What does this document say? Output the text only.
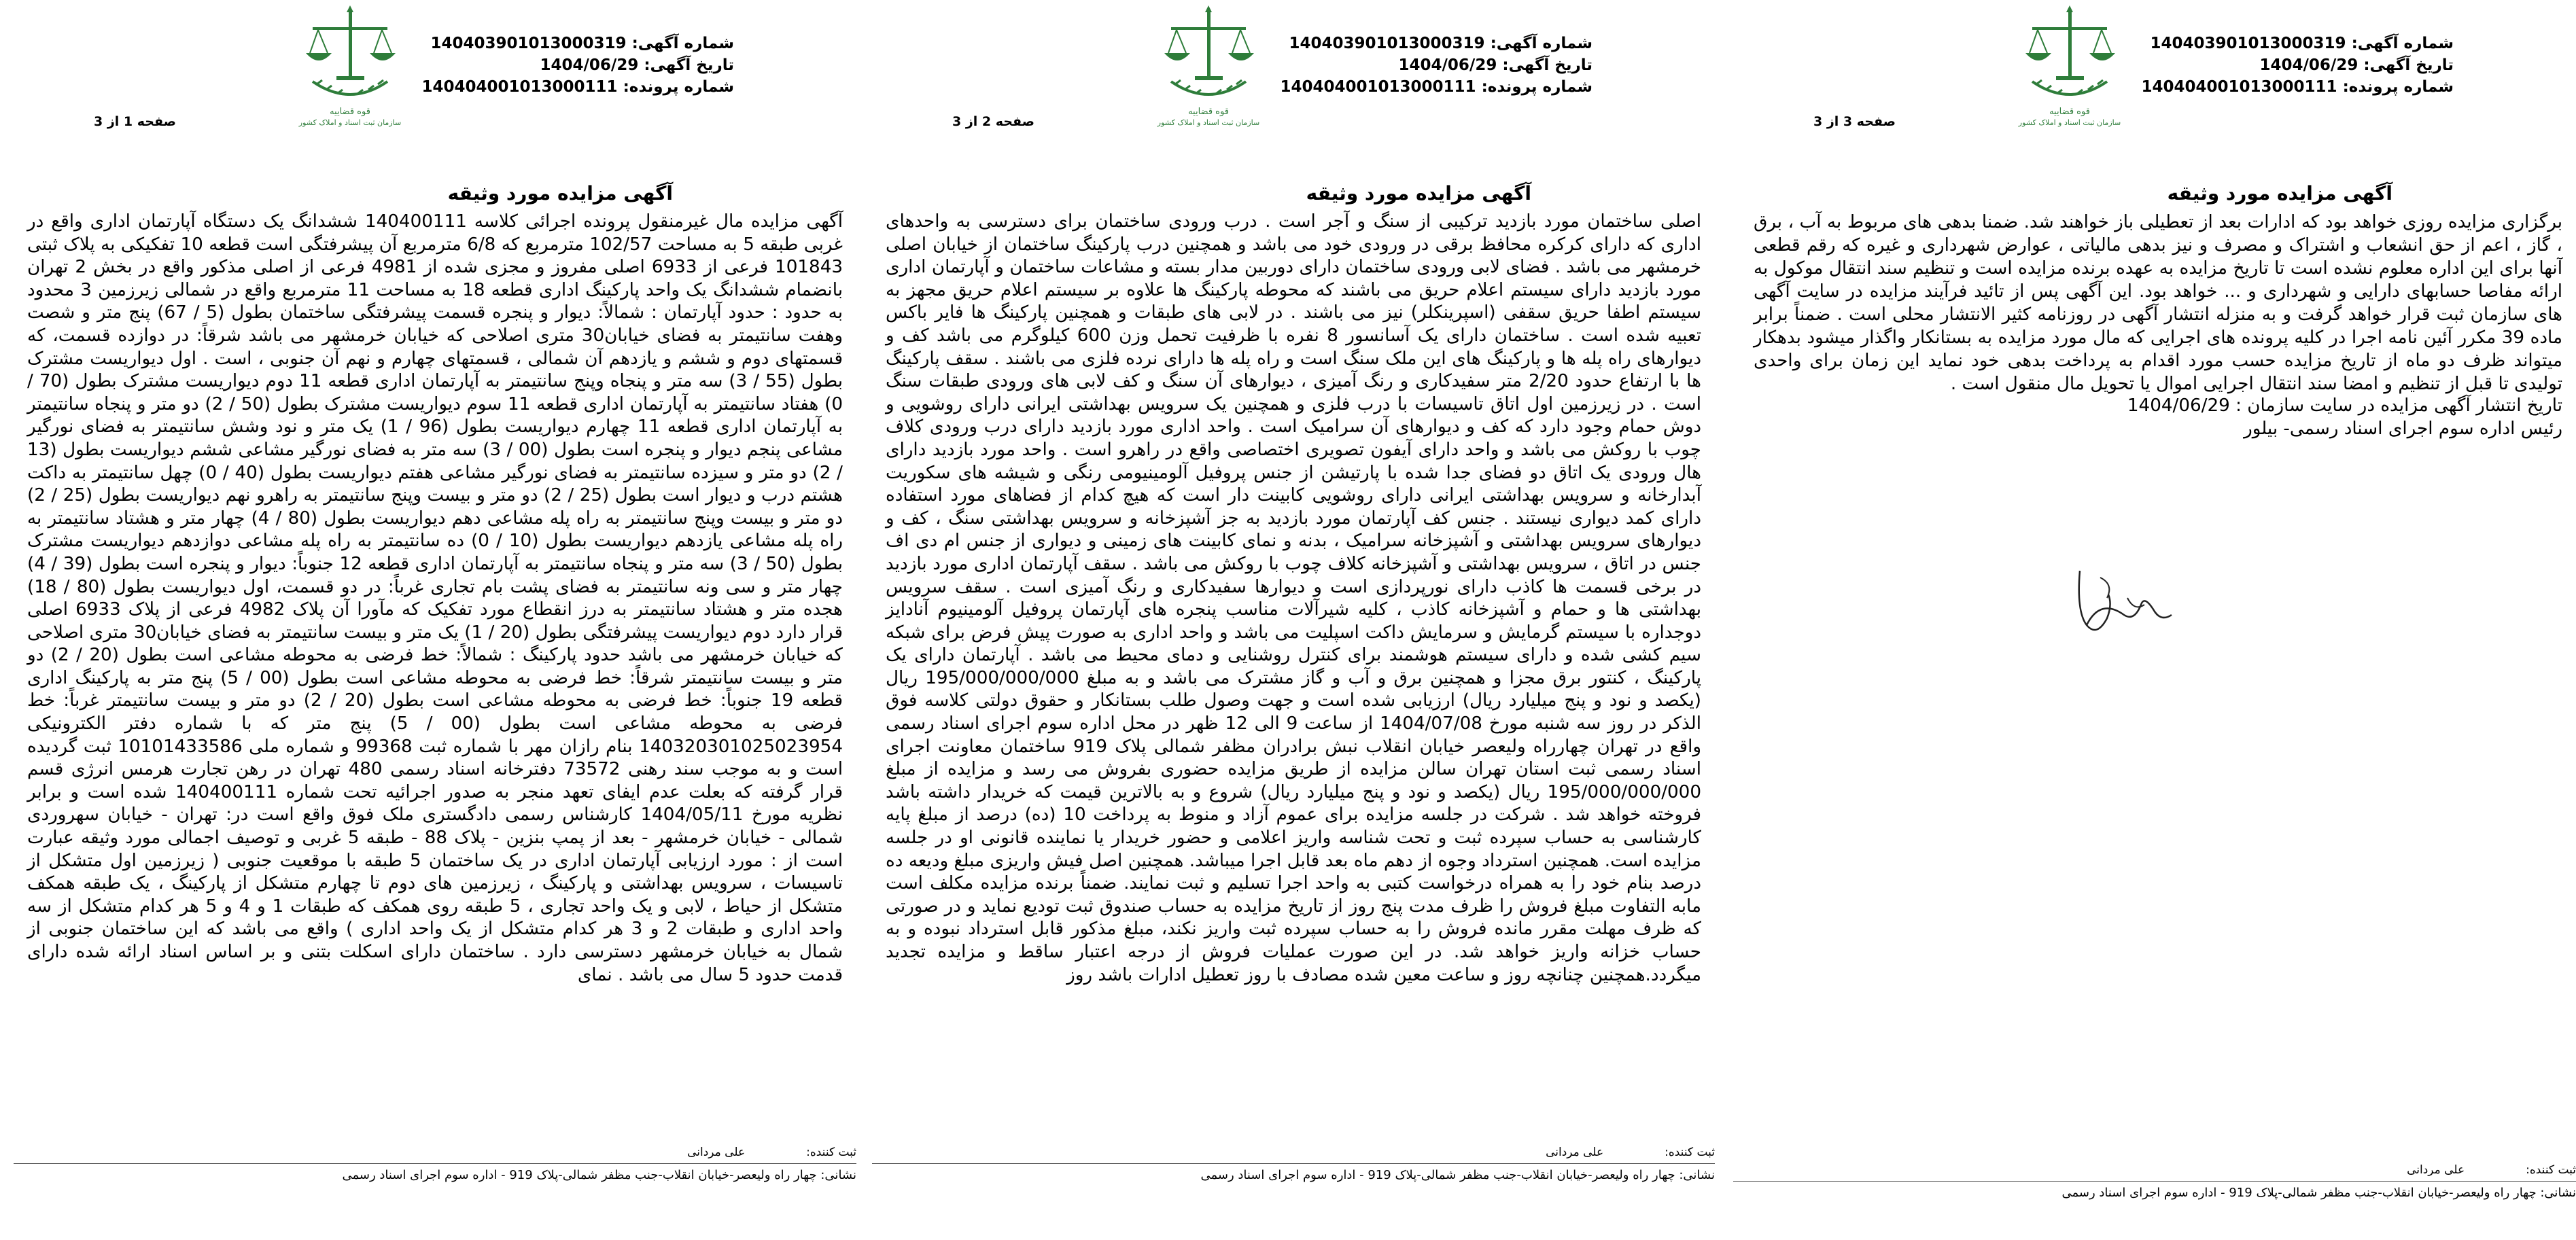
شماره آگهی: 140403901013000319
تاریخ آگهی: 1404/06/29
شماره پرونده: 140404001013000111
قوه قضاییه
سازمان ثبت اسناد و املاک کشور
صفحه 1 از 3
آگهی مزایده مورد وثیقه
آگهی مزایده مال غیرمنقول پرونده اجرائی کلاسه 140400111 ششدانگ یک دستگاه آپارتمان اداری واقع در غربی طبقه 5 به مساحت 102/57 مترمربع که 6/8 مترمربع آن پیشرفتگی است قطعه 10 تفکیکی به پلاک ثبتی 101843 فرعی از 6933 اصلی مفروز و مجزی شده از 4981 فرعی از اصلی مذکور واقع در بخش 2 تهران بانضمام ششدانگ یک واحد پارکینگ اداری قطعه 18 به مساحت 11 مترمربع واقع در شمالی زیرزمین 3 محدود به حدود : حدود آپارتمان : شمالاً: دیوار و پنجره قسمت پیشرفتگی ساختمان بطول (5 / 67) پنج متر و شصت وهفت سانتیمتر به فضای خیابان30 متری اصلاحی که خیابان خرمشهر می باشد شرقاً: در دوازده قسمت، که قسمتهای دوم و ششم و یازدهم آن شمالی ، قسمتهای چهارم و نهم آن جنوبی ، است . اول دیواریست مشترک بطول (55 / 3) سه متر و پنجاه وپنج سانتیمتر به آپارتمان اداری قطعه 11 دوم دیواریست مشترک بطول (70 / 0) هفتاد سانتیمتر به آپارتمان اداری قطعه 11 سوم دیواریست مشترک بطول (50 / 2) دو متر و پنجاه سانتیمتر به آپارتمان اداری قطعه 11 چهارم دیواریست بطول (96 / 1) یک متر و نود وشش سانتیمتر به فضای نورگیر مشاعی پنجم دیوار و پنجره است بطول (00 / 3) سه متر به فضای نورگیر مشاعی ششم دیواریست بطول (13 / 2) دو متر و سیزده سانتیمتر به فضای نورگیر مشاعی هفتم دیواریست بطول (40 / 0) چهل سانتیمتر به داکت هشتم درب و دیوار است بطول (25 / 2) دو متر و بیست وپنج سانتیمتر به راهرو نهم دیواریست بطول (25 / 2) دو متر و بیست وپنج سانتیمتر به راه پله مشاعی دهم دیواریست بطول (80 / 4) چهار متر و هشتاد سانتیمتر به راه پله مشاعی یازدهم دیواریست بطول (10 / 0) ده سانتیمتر به راه پله مشاعی دوازدهم دیواریست مشترک بطول (50 / 3) سه متر و پنجاه سانتیمتر به آپارتمان اداری قطعه 12 جنوباً: دیوار و پنجره است بطول (39 / 4) چهار متر و سی ونه سانتیمتر به فضای پشت بام تجاری غرباً: در دو قسمت، اول دیواریست بطول (80 / 18) هجده متر و هشتاد سانتیمتر به درز انقطاع مورد تفکیک که مآورا آن پلاک 4982 فرعی از پلاک 6933 اصلی قرار دارد دوم دیواریست پیشرفتگی بطول (20 / 1) یک متر و بیست سانتیمتر به فضای خیابان30 متری اصلاحی که خیابان خرمشهر می باشد حدود پارکینگ : شمالاً: خط فرضی به محوطه مشاعی است بطول (20 / 2) دو متر و بیست سانتیمتر شرقاً: خط فرضی به محوطه مشاعی است بطول (00 / 5) پنج متر به پارکینگ اداری قطعه 19 جنوباً: خط فرضی به محوطه مشاعی است بطول (20 / 2) دو متر و بیست سانتیمتر غرباً: خط فرضی به محوطه مشاعی است بطول (00 / 5) پنج متر که با شماره دفتر الکترونیکی 140320301025023954 بنام رازان مهر با شماره ثبت 99368 و شماره ملی 10101433586 ثبت گردیده است و به موجب سند رهنی 73572 دفترخانه اسناد رسمی 480 تهران در رهن تجارت هرمس انرژی قسم قرار گرفته که بعلت عدم ایفای تعهد منجر به صدور اجرائیه تحت شماره 140400111 شده است و برابر نظریه مورخ 1404/05/11 کارشناس رسمی دادگستری ملک فوق واقع است در: تهران - خیابان سهروردی شمالی - خیابان خرمشهر - بعد از پمپ بنزین - پلاک 88 - طبقه 5 غربی و توصیف اجمالی مورد وثیقه عبارت است از : مورد ارزیابی آپارتمان اداری در یک ساختمان 5 طبقه با موقعیت جنوبی ( زیرزمین اول متشکل از تاسیسات ، سرویس بهداشتی و پارکینگ ، زیرزمین های دوم تا چهارم متشکل از پارکینگ ، یک طبقه همکف متشکل از حیاط ، لابی و یک واحد تجاری ، 5 طبقه روی همکف که طبقات 1 و 4 و 5 هر کدام متشکل از سه واحد اداری و طبقات 2 و 3 هر کدام متشکل از یک واحد اداری ) واقع می باشد که این ساختمان جنوبی از شمال به خیابان خرمشهر دسترسی دارد . ساختمان دارای اسکلت بتنی و بر اساس اسناد ارائه شده دارای قدمت حدود 5 سال می باشد . نمای
ثبت کننده:
علی مردانی
نشانی: چهار راه ولیعصر-خیابان انقلاب-جنب مظفر شمالی-پلاک 919 - اداره سوم اجرای اسناد رسمی
شماره آگهی: 140403901013000319
تاریخ آگهی: 1404/06/29
شماره پرونده: 140404001013000111
قوه قضاییه
سازمان ثبت اسناد و املاک کشور
صفحه 2 از 3
آگهی مزایده مورد وثیقه
اصلی ساختمان مورد بازدید ترکیبی از سنگ و آجر است . درب ورودی ساختمان برای دسترسی به واحدهای اداری که دارای کرکره محافظ برقی در ورودی خود می باشد و همچنین درب پارکینگ ساختمان از خیابان اصلی خرمشهر می باشد . فضای لابی ورودی ساختمان دارای دوربین مدار بسته و مشاعات ساختمان و آپارتمان اداری مورد بازدید دارای سیستم اعلام حریق می باشند که محوطه پارکینگ ها علاوه بر سیستم اعلام حریق مجهز به سیستم اطفا حریق سقفی (اسپرینکلر) نیز می باشند . در لابی های طبقات و همچنین پارکینگ ها فایر باکس تعبیه شده است . ساختمان دارای یک آسانسور 8 نفره با ظرفیت تحمل وزن 600 کیلوگرم می باشد کف و دیوارهای راه پله ها و پارکینگ های این ملک سنگ است و راه پله ها دارای نرده فلزی می باشند . سقف پارکینگ ها با ارتفاع حدود 2/20 متر سفیدکاری و رنگ آمیزی ، دیوارهای آن سنگ و کف لابی های ورودی طبقات سنگ است . در زیرزمین اول اتاق تاسیسات با درب فلزی و همچنین یک سرویس بهداشتی ایرانی دارای روشویی و دوش حمام وجود دارد که کف و دیوارهای آن سرامیک است . واحد اداری مورد بازدید دارای درب ورودی کلاف چوب با روکش می باشد و واحد دارای آیفون تصویری اختصاصی واقع در راهرو است . واحد مورد بازدید دارای هال ورودی یک اتاق دو فضای جدا شده با پارتیشن از جنس پروفیل آلومینیومی رنگی و شیشه های سکوریت آبدارخانه و سرویس بهداشتی ایرانی دارای روشویی کابینت دار است که هیچ کدام از فضاهای مورد استفاده دارای کمد دیواری نیستند . جنس کف آپارتمان مورد بازدید به جز آشپزخانه و سرویس بهداشتی سنگ ، کف و دیوارهای سرویس بهداشتی و آشپزخانه سرامیک ، بدنه و نمای کابینت های زمینی و دیواری از جنس ام دی اف جنس در اتاق ، سرویس بهداشتی و آشپزخانه کلاف چوب با روکش می باشد . سقف آپارتمان اداری مورد بازدید در برخی قسمت ها کاذب دارای نورپردازی است و دیوارها سفیدکاری و رنگ آمیزی است . سقف سرویس بهداشتی ها و حمام و آشپزخانه کاذب ، کلیه شیرآلات مناسب پنجره های آپارتمان پروفیل آلومینیوم آنادایز دوجداره با سیستم گرمایش و سرمایش داکت اسپلیت می باشد و واحد اداری به صورت پیش فرض برای شبکه سیم کشی شده و دارای سیستم هوشمند برای کنترل روشنایی و دمای محیط می باشد . آپارتمان دارای یک پارکینگ ، کنتور برق مجزا و همچنین برق و آب و گاز مشترک می باشد و به مبلغ 195/000/000/000 ریال (یکصد و نود و پنج میلیارد ریال) ارزیابی شده است و جهت وصول طلب بستانکار و حقوق دولتی کلاسه فوق الذکر در روز سه شنبه مورخ 1404/07/08 از ساعت 9 الی 12 ظهر در محل اداره سوم اجرای اسناد رسمی واقع در تهران چهارراه ولیعصر خیابان انقلاب نبش برادران مظفر شمالی پلاک 919 ساختمان معاونت اجرای اسناد رسمی ثبت استان تهران سالن مزایده از طریق مزایده حضوری بفروش می رسد و مزایده از مبلغ 195/000/000/000 ریال (یکصد و نود و پنج میلیارد ریال) شروع و به بالاترین قیمت که خریدار داشته باشد فروخته خواهد شد . شرکت در جلسه مزایده برای عموم آزاد و منوط به پرداخت 10 (ده) درصد از مبلغ پایه کارشناسی به حساب سپرده ثبت و تحت شناسه واریز اعلامی و حضور خریدار یا نماینده قانونی او در جلسه مزایده است. همچنین استرداد وجوه از دهم ماه بعد قابل اجرا میباشد. همچنین اصل فیش واریزی مبلغ ودیعه ده درصد بنام خود را به همراه درخواست کتبی به واحد اجرا تسلیم و ثبت نمایند. ضمناً برنده مزایده مکلف است مابه التفاوت مبلغ فروش را ظرف مدت پنج روز از تاریخ مزایده به حساب صندوق ثبت تودیع نماید و در صورتی که ظرف مهلت مقرر مانده فروش را به حساب سپرده ثبت واریز نکند، مبلغ مذکور قابل استرداد نبوده و به حساب خزانه واریز خواهد شد. در این صورت عملیات فروش از درجه اعتبار ساقط و مزایده تجدید میگردد.همچنین چنانچه روز و ساعت معین شده مصادف با روز تعطیل ادارات باشد روز
ثبت کننده:
علی مردانی
نشانی: چهار راه ولیعصر-خیابان انقلاب-جنب مظفر شمالی-پلاک 919 - اداره سوم اجرای اسناد رسمی
شماره آگهی: 140403901013000319
تاریخ آگهی: 1404/06/29
شماره پرونده: 140404001013000111
قوه قضاییه
سازمان ثبت اسناد و املاک کشور
صفحه 3 از 3
آگهی مزایده مورد وثیقه
برگزاری مزایده روزی خواهد بود که ادارات بعد از تعطیلی باز خواهند شد. ضمنا بدهی های مربوط به آب ، برق ، گاز ، اعم از حق انشعاب و اشتراک و مصرف و نیز بدهی مالیاتی ، عوارض شهرداری و غیره که رقم قطعی آنها برای این اداره معلوم نشده است تا تاریخ مزایده به عهده برنده مزایده است و تنظیم سند انتقال موکول به ارائه مفاصا حسابهای دارایی و شهرداری و ... خواهد بود. این آگهی پس از تائید فرآیند مزایده در سایت آگهی های سازمان ثبت قرار خواهد گرفت و به منزله انتشار آگهی در روزنامه کثیر الانتشار محلی است . ضمناً برابر ماده 39 مکرر آئین نامه اجرا در کلیه پرونده های اجرایی که مال مورد مزایده به بستانکار واگذار میشود بدهکار میتواند ظرف دو ماه از تاریخ مزایده حسب مورد اقدام به پرداخت بدهی خود نماید این زمان برای واحدی تولیدی تا قبل از تنظیم و امضا سند انتقال اجرایی اموال یا تحویل مال منقول است .
تاریخ انتشار آگهی مزایده در سایت سازمان : 1404/06/29
رئیس اداره سوم اجرای اسناد رسمی- بیلور
ثبت کننده:
علی مردانی
نشانی: چهار راه ولیعصر-خیابان انقلاب-جنب مظفر شمالی-پلاک 919 - اداره سوم اجرای اسناد رسمی
